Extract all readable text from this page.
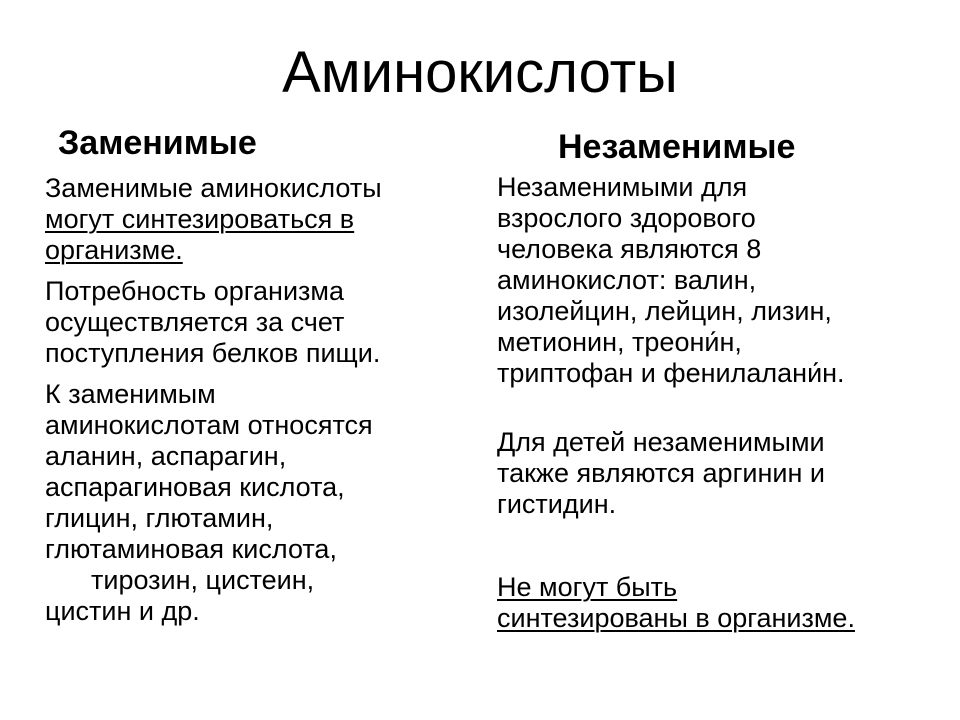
Аминокислоты
Заменимые	Незаменимые
Заменимые аминокислоты
могут синтезироваться в
организме.
Потребность организма
осуществляется за счет
поступления белков пищи.
К заменимым
аминокислотам относятся
аланин, аспарагин,
аспарагиновая кислота,
глицин, глютамин,
глютаминовая кислота,
тирозин, цистеин,
цистин и др.
Незаменимыми для
взрослого здорового
человека являются 8
аминокислот: валин,
изолейцин, лейцин, лизин,
метионин, треони́н,
триптофан и фенилалани́н.
Для детей незаменимыми
также являются аргинин и
гистидин.
Не могут быть
синтезированы в организме.
